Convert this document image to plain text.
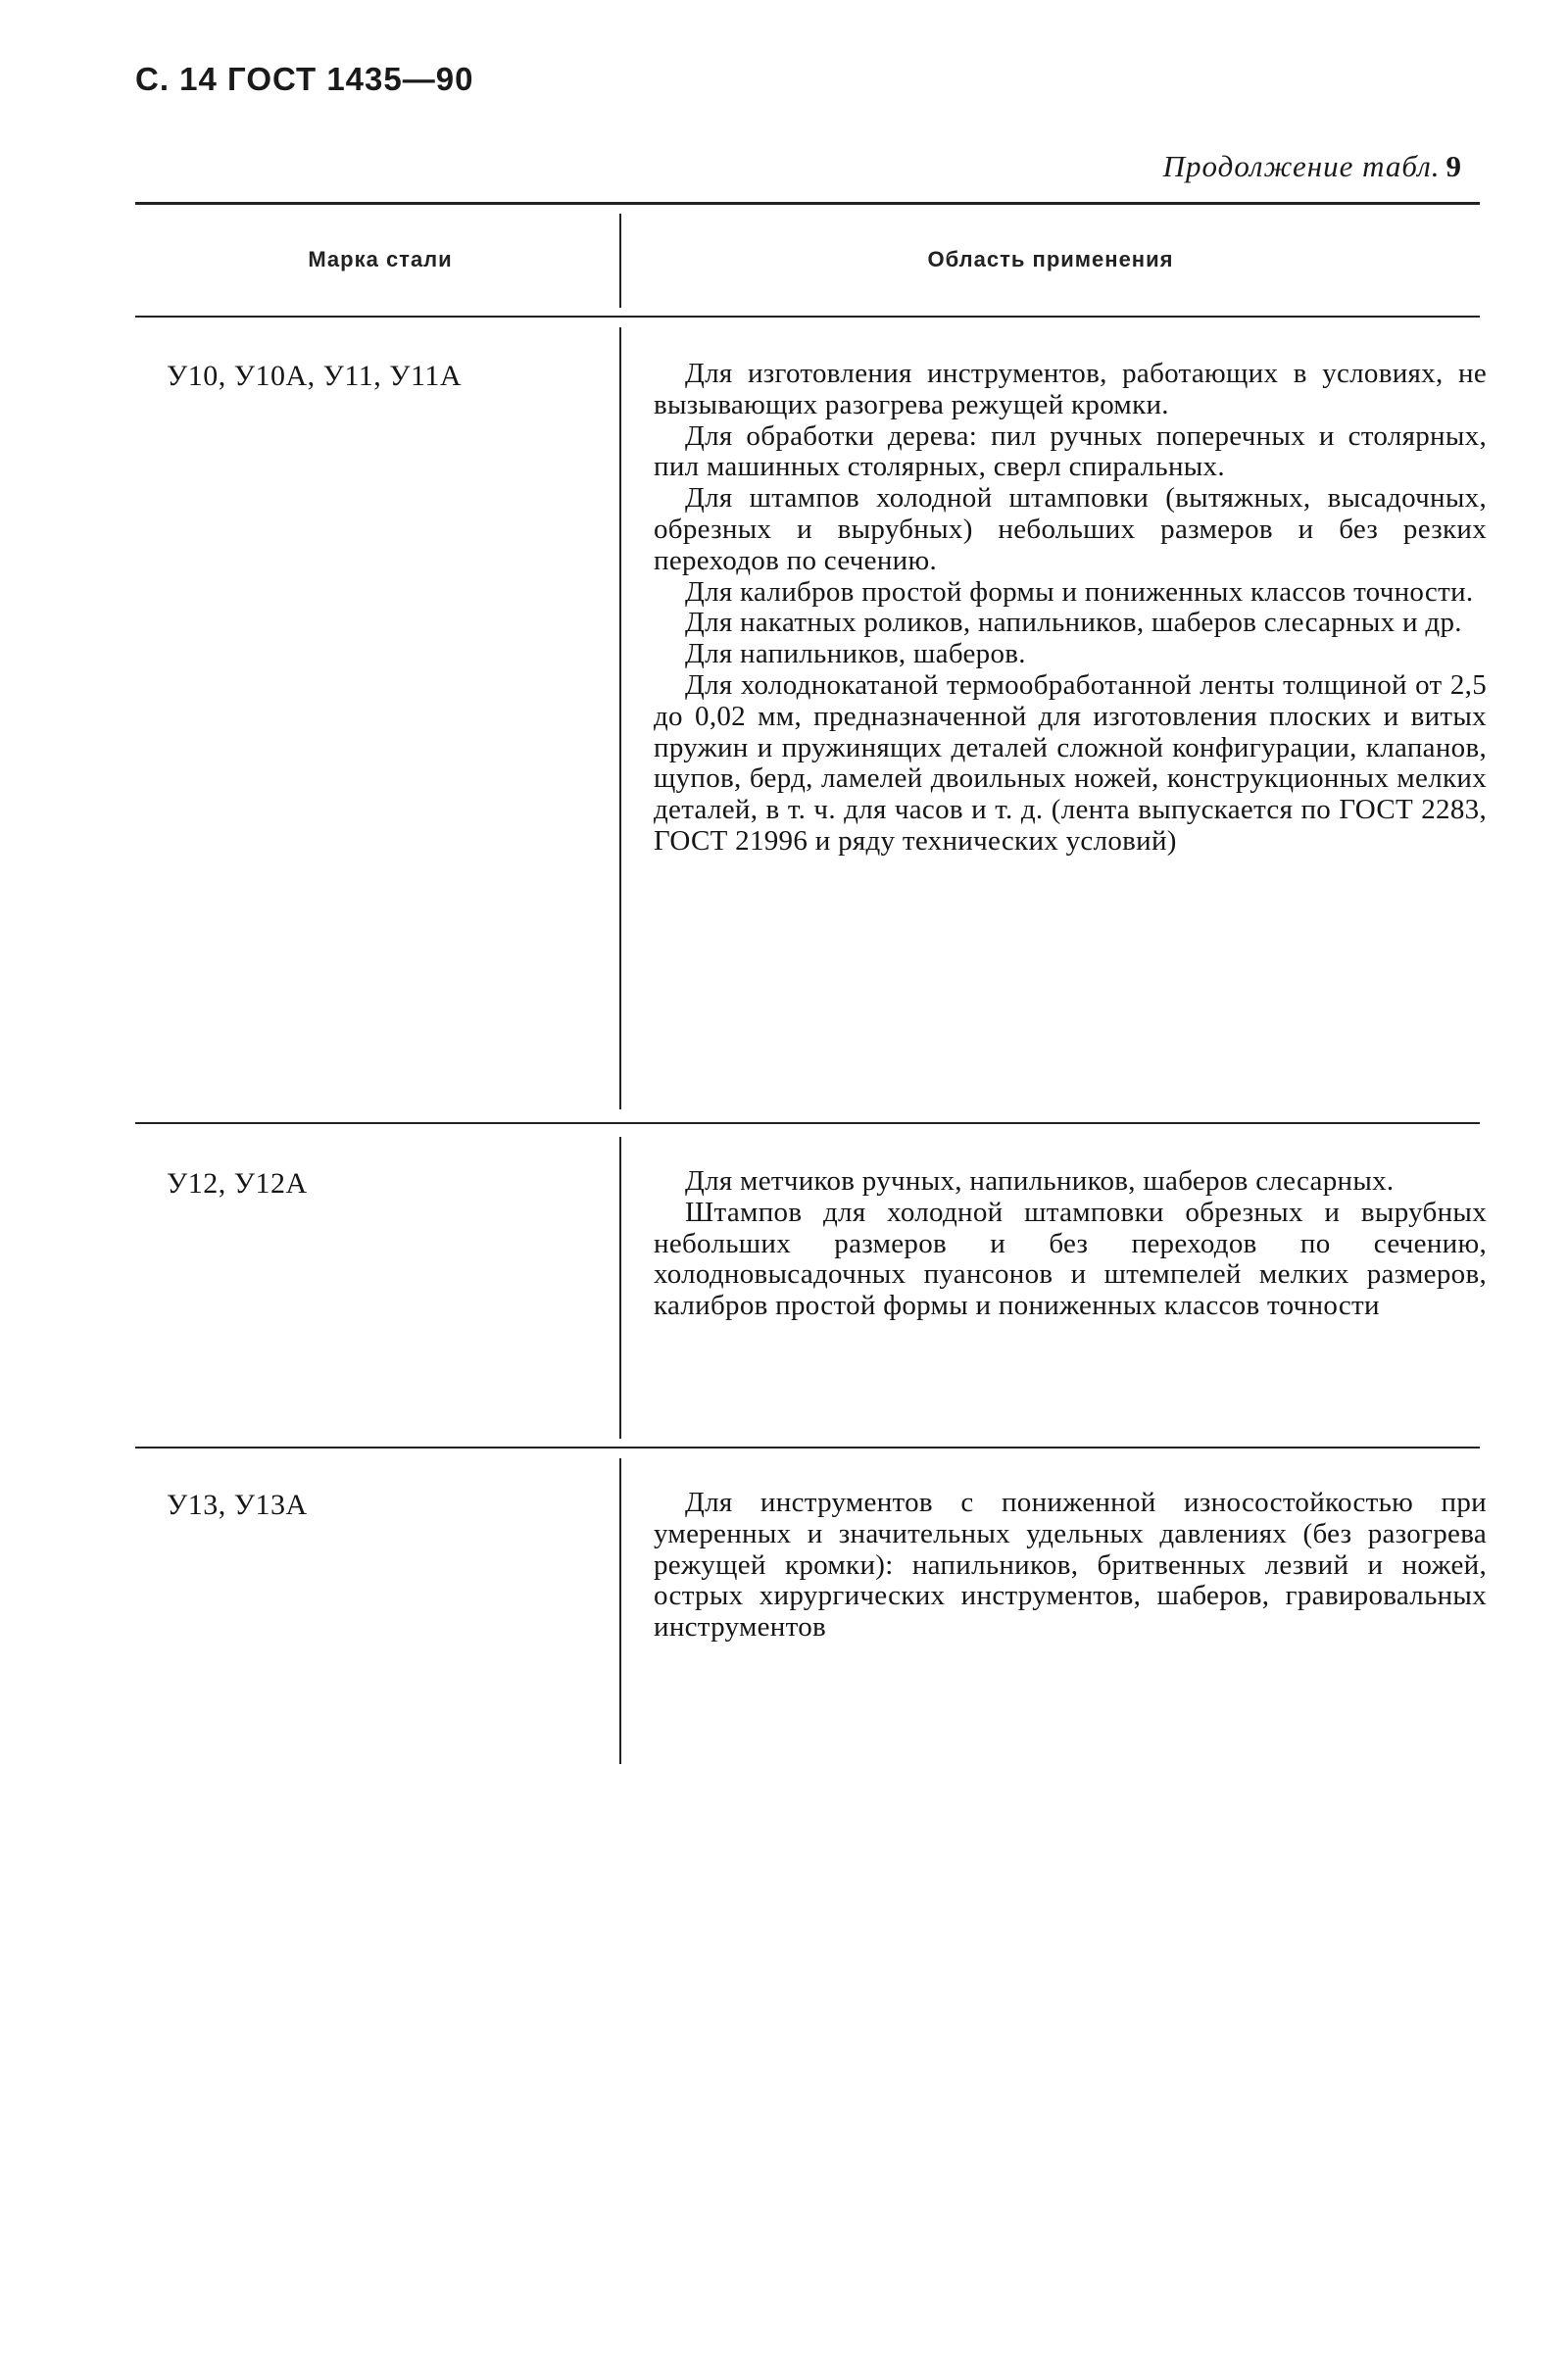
С. 14 ГОСТ 1435—90
Продолжение табл. 9
Марка стали	Область применения
У10, У10А, У11, У11А	Для изготовления инструментов, работающих в условиях, не вызывающих разогрева режущей кромки.

Для обработки дерева: пил ручных поперечных и столярных, пил машинных столярных, сверл спиральных.

Для штампов холодной штамповки (вытяжных, высадочных, обрезных и вырубных) небольших размеров и без резких переходов по сечению.

Для калибров простой формы и пониженных классов точности.

Для накатных роликов, напильников, шаберов слесарных и др.

Для напильников, шаберов.

Для холоднокатаной термообработанной ленты толщиной от 2,5 до 0,02 мм, предназначенной для изготовления плоских и витых пружин и пружинящих деталей сложной конфигурации, клапанов, щупов, берд, ламелей двоильных ножей, конструкционных мелких деталей, в т. ч. для часов и т. д. (лента выпускается по ГОСТ 2283, ГОСТ 21996 и ряду технических условий)

У12, У12А	Для метчиков ручных, напильников, шаберов слесарных.

Штампов для холодной штамповки обрезных и вырубных небольших размеров и без переходов по сечению, холодновысадочных пуансонов и штемпелей мелких размеров, калибров простой формы и пониженных классов точности

У13, У13А	Для инструментов с пониженной износостойкостью при умеренных и значительных удельных давлениях (без разогрева режущей кромки): напильников, бритвенных лезвий и ножей, острых хирургических инструментов, шаберов, гравировальных инструментов
